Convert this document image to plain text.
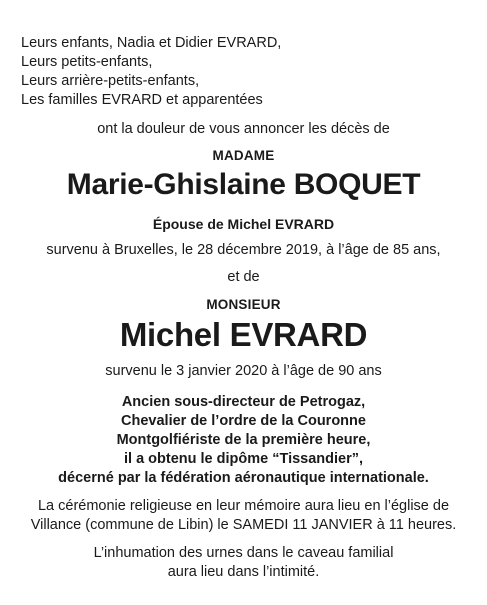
Leurs enfants, Nadia et Didier EVRARD,
Leurs petits-enfants,
Leurs arrière-petits-enfants,
Les familles EVRARD et apparentées
ont la douleur de vous annoncer les décès de
MADAME
Marie-Ghislaine BOQUET
Épouse de Michel EVRARD
survenu à Bruxelles, le 28 décembre 2019, à l’âge de 85 ans,
et de
MONSIEUR
Michel EVRARD
survenu le 3 janvier 2020 à l’âge de 90 ans
Ancien sous-directeur de Petrogaz,
Chevalier de l’ordre de la Couronne
Montgolfiériste de la première heure,
il a obtenu le dipôme “Tissandier”,
décerné par la fédération aéronautique internationale.
La cérémonie religieuse en leur mémoire aura lieu en l’église de
Villance (commune de Libin) le SAMEDI 11 JANVIER à 11 heures.
L’inhumation des urnes dans le caveau familial
aura lieu dans l’intimité.
